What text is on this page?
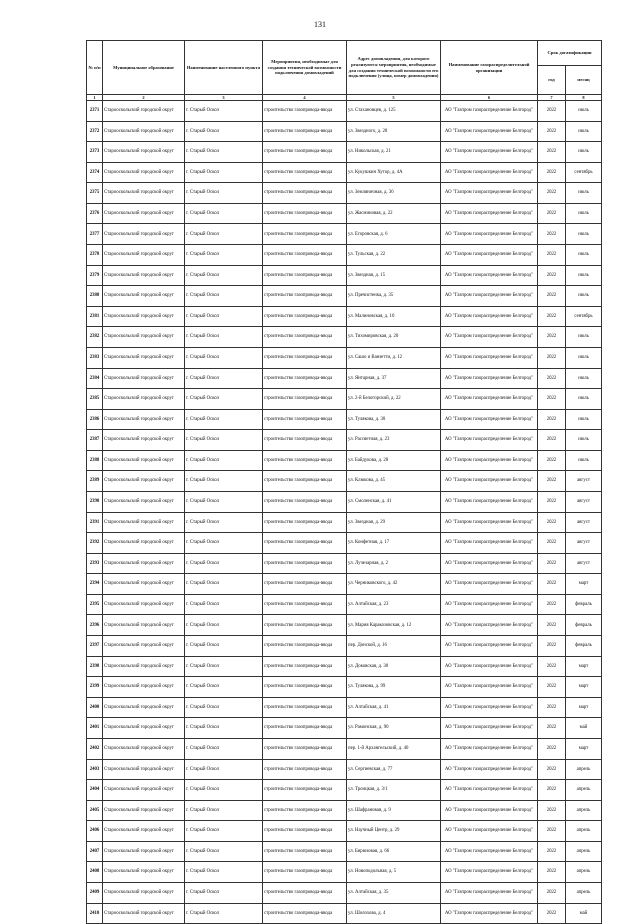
131
№ п/п	Муниципальное образование	Наименование населенного пункта	Мероприятия, необходимые для создания технической возможности подключения домовладений	Адрес домовладения, для которого реализуются мероприятия, необходимые для создания технической возможности его подключения (улица, номер домовладения)	Наименование газораспределительной организации	Срок догазификации	
						год	месяц
1	2	3	4	5	6	7	8
2371	Старооскольский городской округ	г. Старый Оскол	строительство газопровода-ввода	ул. Стахановцев, д. 125	АО "Газпром газораспределение Белгород"	2022	июль
2372	Старооскольский городской округ	г. Старый Оскол	строительство газопровода-ввода	ул. Звездного, д. 28	АО "Газпром газораспределение Белгород"	2022	июль
2373	Старооскольский городской округ	г. Старый Оскол	строительство газопровода-ввода	ул. Никольская, д. 21	АО "Газпром газораспределение Белгород"	2022	июль
2374	Старооскольский городской округ	г. Старый Оскол	строительство газопровода-ввода	ул. Кукушкин Хутор, д. 4А	АО "Газпром газораспределение Белгород"	2022	сентябрь
2375	Старооскольский городской округ	г. Старый Оскол	строительство газопровода-ввода	ул. Земляничная, д. 36	АО "Газпром газораспределение Белгород"	2022	июль
2376	Старооскольский городской округ	г. Старый Оскол	строительство газопровода-ввода	ул. Жасминовая, д. 22	АО "Газпром газораспределение Белгород"	2022	июль
2377	Старооскольский городской округ	г. Старый Оскол	строительство газопровода-ввода	ул. Егоровская, д. 6	АО "Газпром газораспределение Белгород"	2022	июль
2378	Старооскольский городской округ	г. Старый Оскол	строительство газопровода-ввода	ул. Тульская, д. 22	АО "Газпром газораспределение Белгород"	2022	июль
2379	Старооскольский городской округ	г. Старый Оскол	строительство газопровода-ввода	ул. Звездная, д. 15	АО "Газпром газораспределение Белгород"	2022	июль
2380	Старооскольский городской округ	г. Старый Оскол	строительство газопровода-ввода	ул. Пречистенка, д. 35	АО "Газпром газораспределение Белгород"	2022	июль
2381	Старооскольский городской округ	г. Старый Оскол	строительство газопровода-ввода	ул. Малиновская, д. 10	АО "Газпром газораспределение Белгород"	2022	сентябрь
2382	Старооскольский городской округ	г. Старый Оскол	строительство газопровода-ввода	ул. Тихомировская, д. 20	АО "Газпром газораспределение Белгород"	2022	июль
2383	Старооскольский городской округ	г. Старый Оскол	строительство газопровода-ввода	ул. Сашо и Ванзетти, д. 12	АО "Газпром газораспределение Белгород"	2022	июль
2384	Старооскольский городской округ	г. Старый Оскол	строительство газопровода-ввода	ул. Янтарная, д. 37	АО "Газпром газораспределение Белгород"	2022	июль
2385	Старооскольский городской округ	г. Старый Оскол	строительство газопровода-ввода	ул. 2-й Белогорский, д. 22	АО "Газпром газораспределение Белгород"	2022	июль
2386	Старооскольский городской округ	г. Старый Оскол	строительство газопровода-ввода	ул. Тулякова, д. 30	АО "Газпром газораспределение Белгород"	2022	июль
2387	Старооскольский городской округ	г. Старый Оскол	строительство газопровода-ввода	ул. Рассветная, д. 23	АО "Газпром газораспределение Белгород"	2022	июль
2388	Старооскольский городской округ	г. Старый Оскол	строительство газопровода-ввода	ул. Байдукова, д. 28	АО "Газпром газораспределение Белгород"	2022	июль
2389	Старооскольский городской округ	г. Старый Оскол	строительство газопровода-ввода	ул. Клюкова, д. 45	АО "Газпром газораспределение Белгород"	2022	август
2390	Старооскольский городской округ	г. Старый Оскол	строительство газопровода-ввода	ул. Смоленская, д. 41	АО "Газпром газораспределение Белгород"	2022	август
2391	Старооскольский городской округ	г. Старый Оскол	строительство газопровода-ввода	ул. Звездная, д. 29	АО "Газпром газораспределение Белгород"	2022	август
2392	Старооскольский городской округ	г. Старый Оскол	строительство газопровода-ввода	ул. Конфетная, д. 17	АО "Газпром газораспределение Белгород"	2022	август
2393	Старооскольский городской округ	г. Старый Оскол	строительство газопровода-ввода	ул. Лучезарная, д. 2	АО "Газпром газораспределение Белгород"	2022	август
2394	Старооскольский городской округ	г. Старый Оскол	строительство газопровода-ввода	ул. Черниковского, д. 42	АО "Газпром газораспределение Белгород"	2022	март
2395	Старооскольский городской округ	г. Старый Оскол	строительство газопровода-ввода	ул. Алтайская, д. 23	АО "Газпром газораспределение Белгород"	2022	февраль
2396	Старооскольский городской округ	г. Старый Оскол	строительство газопровода-ввода	ул. Мария Каракозовская, д. 12	АО "Газпром газораспределение Белгород"	2022	февраль
2397	Старооскольский городской округ	г. Старый Оскол	строительство газопровода-ввода	пер. Донской, д. 16	АО "Газпром газораспределение Белгород"	2022	февраль
2398	Старооскольский городской округ	г. Старый Оскол	строительство газопровода-ввода	ул. Доковская, д. 30	АО "Газпром газораспределение Белгород"	2022	март
2399	Старооскольский городской округ	г. Старый Оскол	строительство газопровода-ввода	ул. Тулякова, д. 99	АО "Газпром газораспределение Белгород"	2022	март
2400	Старооскольский городской округ	г. Старый Оскол	строительство газопровода-ввода	ул. Алтайская, д. 41	АО "Газпром газораспределение Белгород"	2022	март
2401	Старооскольский городской округ	г. Старый Оскол	строительство газопровода-ввода	ул. Рамонская, д. 90	АО "Газпром газораспределение Белгород"	2022	май
2402	Старооскольский городской округ	г. Старый Оскол	строительство газопровода-ввода	пер. 1-й Архангельский, д. 40	АО "Газпром газораспределение Белгород"	2022	март
2403	Старооскольский городской округ	г. Старый Оскол	строительство газопровода-ввода	ул. Сергиевская, д. 77	АО "Газпром газораспределение Белгород"	2022	апрель
2404	Старооскольский городской округ	г. Старый Оскол	строительство газопровода-ввода	ул. Троицкая, д. 3/1	АО "Газпром газораспределение Белгород"	2022	апрель
2405	Старооскольский городской округ	г. Старый Оскол	строительство газопровода-ввода	ул. Шафрановая, д. 9	АО "Газпром газораспределение Белгород"	2022	апрель
2406	Старооскольский городской округ	г. Старый Оскол	строительство газопровода-ввода	ул. Научный Центр, д. 29	АО "Газпром газораспределение Белгород"	2022	апрель
2407	Старооскольский городской округ	г. Старый Оскол	строительство газопровода-ввода	ул. Бирюзовая, д. 66	АО "Газпром газораспределение Белгород"	2022	апрель
2408	Старооскольский городской округ	г. Старый Оскол	строительство газопровода-ввода	ул. Новоподольная, д. 5	АО "Газпром газораспределение Белгород"	2022	апрель
2409	Старооскольский городской округ	г. Старый Оскол	строительство газопровода-ввода	ул. Алтайская, д. 35	АО "Газпром газораспределение Белгород"	2022	апрель
2410	Старооскольский городской округ	г. Старый Оскол	строительство газопровода-ввода	ул. Шолохова, д. 4	АО "Газпром газораспределение Белгород"	2022	май
